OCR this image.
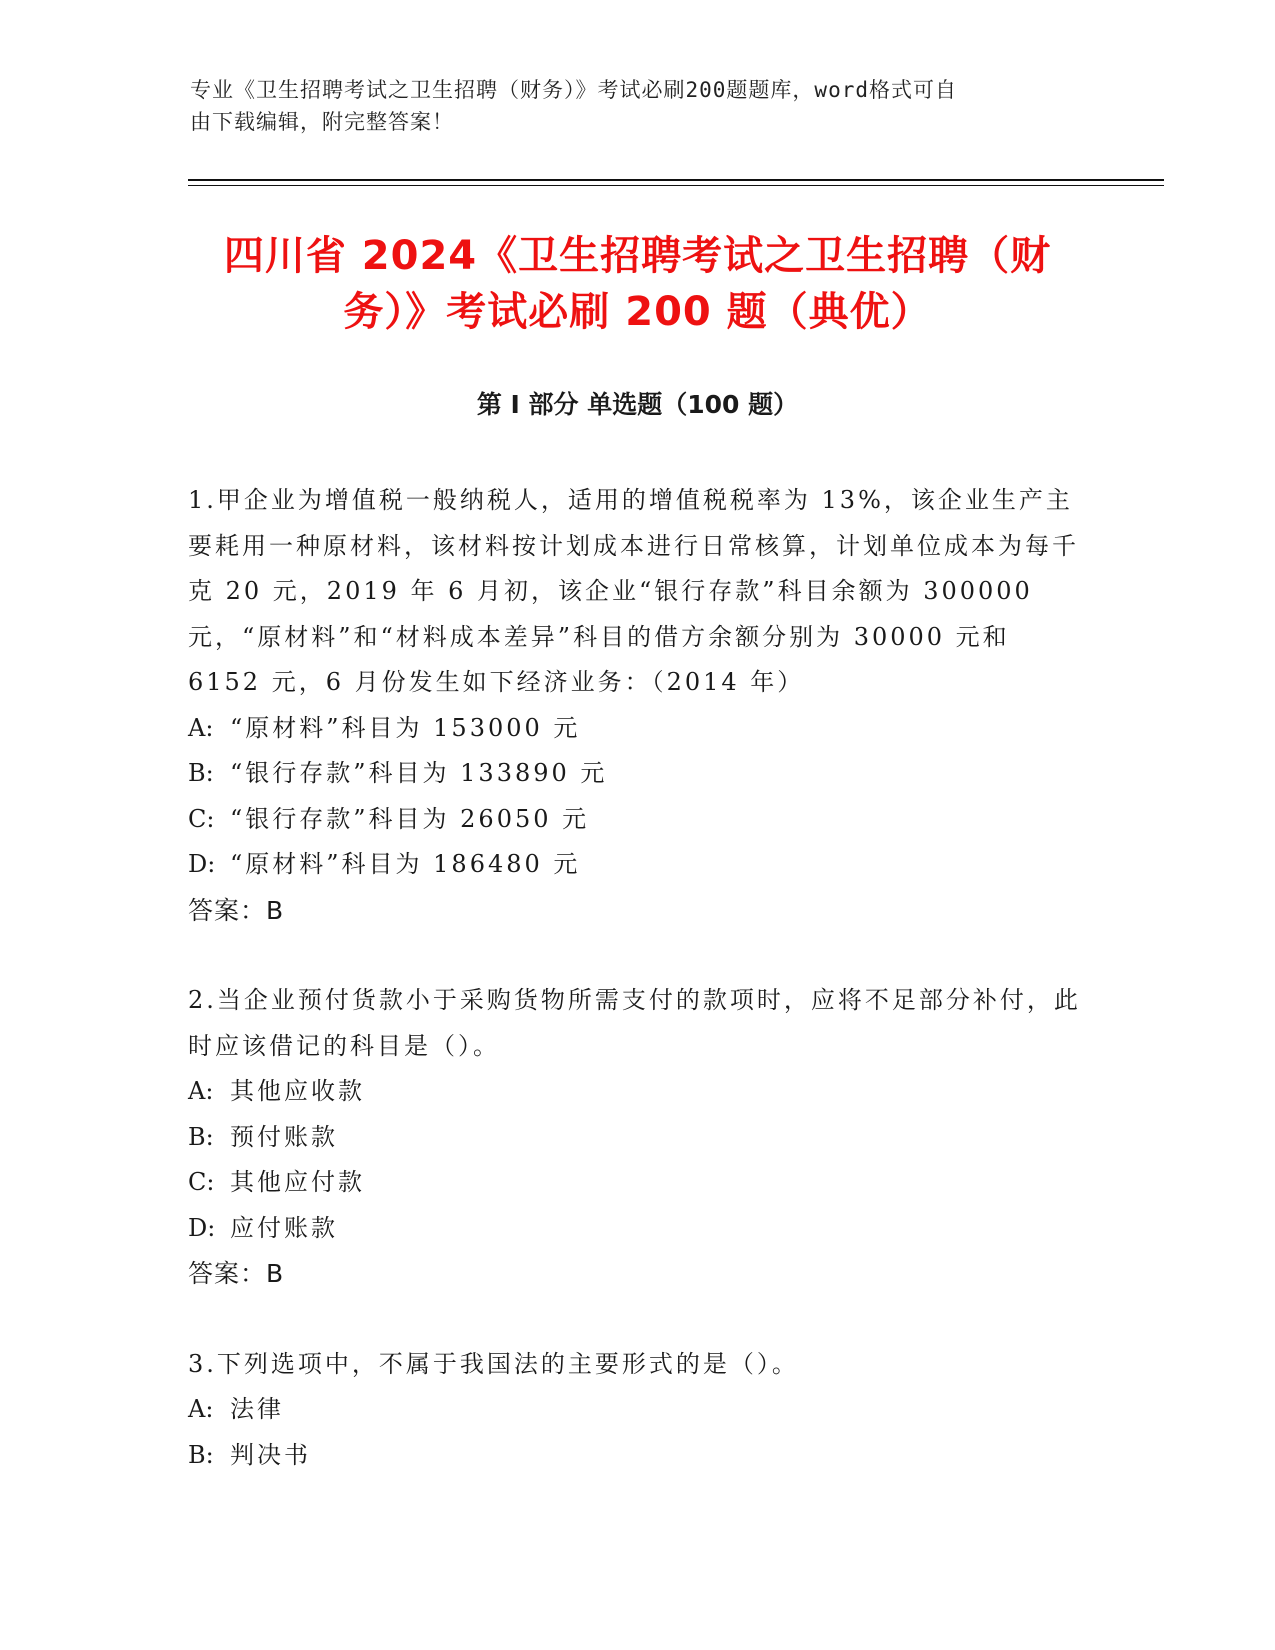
专业《卫生招聘考试之卫生招聘（财务）》考试必刷200题题库，word格式可自
由下载编辑，附完整答案！
四川省 2024《卫生招聘考试之卫生招聘（财
务）》考试必刷 200 题（典优）
第 I 部分 单选题（100 题）

1.甲企业为增值税一般纳税人，适用的增值税税率为 13%，该企业生产主要耗用一种原材料，该材料按计划成本进行日常核算，计划单位成本为每千克 20 元，2019 年 6 月初，该企业“银行存款”科目余额为 300000 元，“原材料”和“材料成本差异”科目的借方余额分别为 30000 元和 6152 元，6 月份发生如下经济业务：（2014 年）

A: “原材料”科目为 153000 元

B: “银行存款”科目为 133890 元

C: “银行存款”科目为 26050 元

D: “原材料”科目为 186480 元

答案：B

2.当企业预付货款小于采购货物所需支付的款项时，应将不足部分补付，此时应该借记的科目是（）。

A: 其他应收款

B: 预付账款

C: 其他应付款

D: 应付账款

答案：B

3.下列选项中，不属于我国法的主要形式的是（）。

A: 法律

B: 判决书
